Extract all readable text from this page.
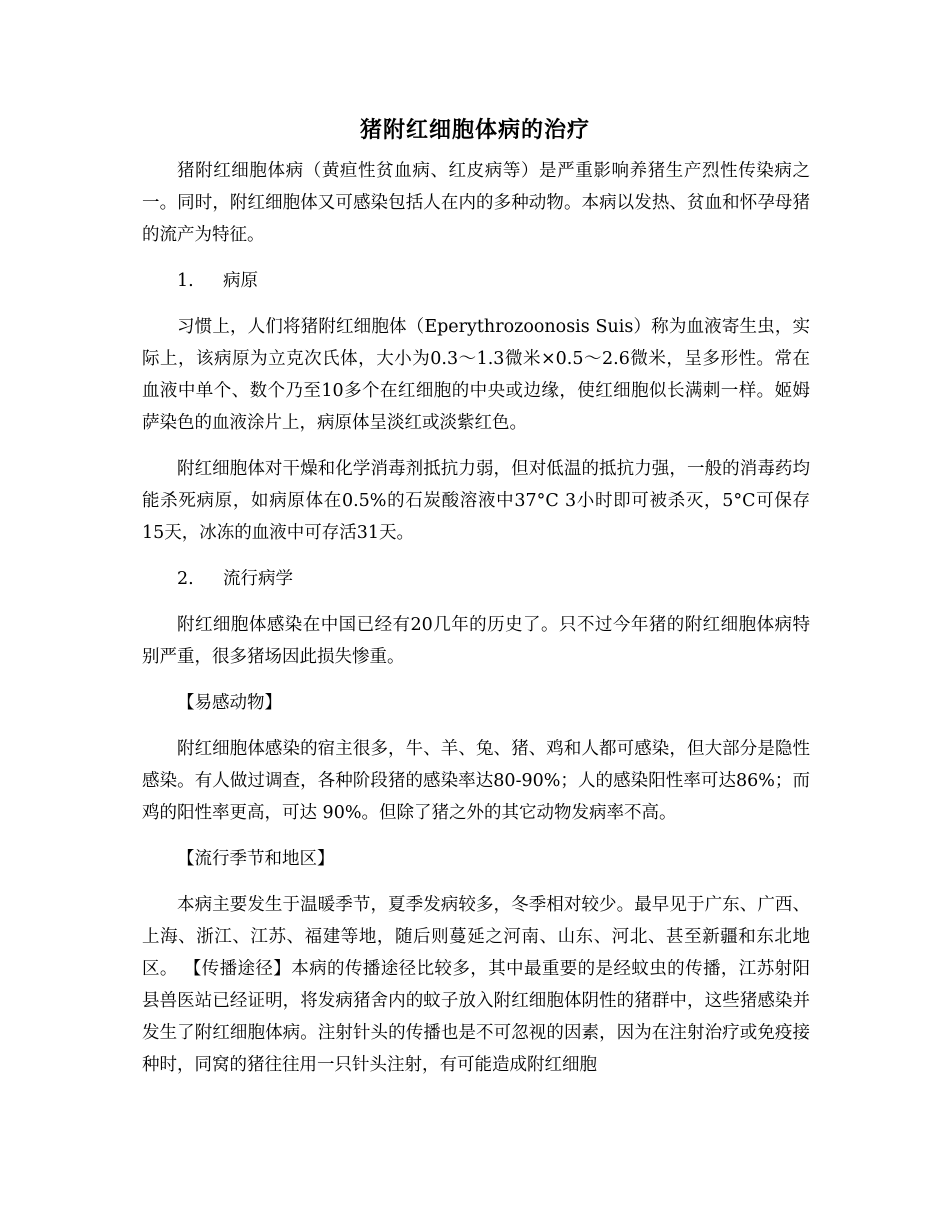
猪附红细胞体病的治疗

猪附红细胞体病（黄疸性贫血病、红皮病等）是严重影响养猪生产烈性传染病之一。同时，附红细胞体又可感染包括人在内的多种动物。本病以发热、贫血和怀孕母猪的流产为特征。

1. 病原

习惯上，人们将猪附红细胞体（Eperythrozoonosis Suis）称为血液寄生虫，实际上，该病原为立克次氏体，大小为0.3～1.3微米×0.5～2.6微米，呈多形性。常在血液中单个、数个乃至10多个在红细胞的中央或边缘，使红细胞似长满刺一样。姬姆萨染色的血液涂片上，病原体呈淡红或淡紫红色。

附红细胞体对干燥和化学消毒剂抵抗力弱，但对低温的抵抗力强，一般的消毒药均能杀死病原，如病原体在0.5%的石炭酸溶液中37°C 3小时即可被杀灭，5°C可保存15天，冰冻的血液中可存活31天。

2. 流行病学

附红细胞体感染在中国已经有20几年的历史了。只不过今年猪的附红细胞体病特别严重，很多猪场因此损失惨重。

【易感动物】

附红细胞体感染的宿主很多，牛、羊、兔、猪、鸡和人都可感染，但大部分是隐性感染。有人做过调查，各种阶段猪的感染率达80-90%；人的感染阳性率可达86%；而鸡的阳性率更高，可达 90%。但除了猪之外的其它动物发病率不高。

【流行季节和地区】

本病主要发生于温暖季节，夏季发病较多，冬季相对较少。最早见于广东、广西、上海、浙江、江苏、福建等地，随后则蔓延之河南、山东、河北、甚至新疆和东北地区。 【传播途径】本病的传播途径比较多，其中最重要的是经蚊虫的传播，江苏射阳县兽医站已经证明，将发病猪舍内的蚊子放入附红细胞体阴性的猪群中，这些猪感染并发生了附红细胞体病。注射针头的传播也是不可忽视的因素，因为在注射治疗或免疫接种时，同窝的猪往往用一只针头注射，有可能造成附红细胞
